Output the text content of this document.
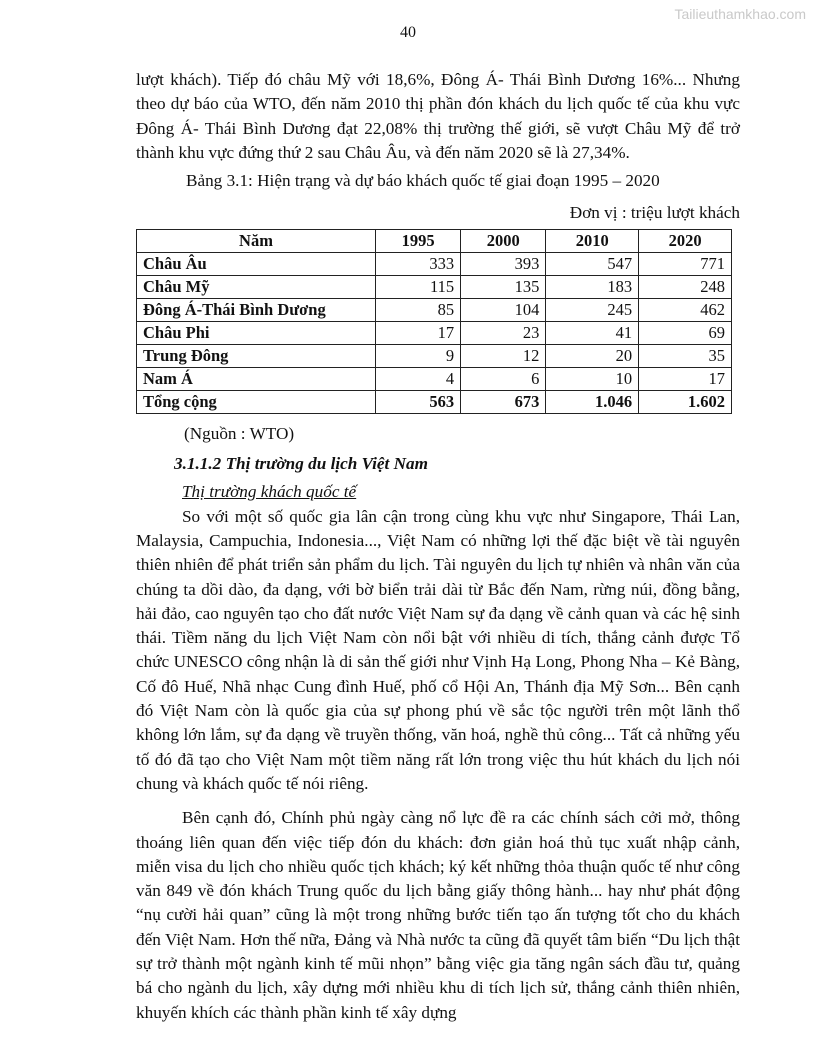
Tailieuthamkhao.com
40

lượt khách). Tiếp đó châu Mỹ với 18,6%, Đông Á- Thái Bình Dương 16%... Nhưng theo dự báo của WTO, đến năm 2010 thị phần đón khách du lịch quốc tế của khu vực Đông Á- Thái Bình Dương đạt 22,08% thị trường thế giới, sẽ vượt Châu Mỹ để trở thành khu vực đứng thứ 2 sau Châu Âu, và đến năm 2020 sẽ là 27,34%.

Bảng 3.1: Hiện trạng và dự báo khách quốc tế giai đoạn 1995 – 2020

Đơn vị : triệu lượt khách

Năm	1995	2000	2010	2020
Châu Âu	333	393	547	771
Châu Mỹ	115	135	183	248
Đông Á-Thái Bình Dương	85	104	245	462
Châu Phi	17	23	41	69
Trung Đông	9	12	20	35
Nam Á	4	6	10	17
Tổng cộng	563	673	1.046	1.602

(Nguồn : WTO)

3.1.1.2 Thị trường du lịch Việt Nam

Thị trường khách quốc tế

So với một số quốc gia lân cận trong cùng khu vực như Singapore, Thái Lan, Malaysia, Campuchia, Indonesia..., Việt Nam có những lợi thế đặc biệt về tài nguyên thiên nhiên để phát triển sản phẩm du lịch. Tài nguyên du lịch tự nhiên và nhân văn của chúng ta dồi dào, đa dạng, với bờ biển trải dài từ Bắc đến Nam, rừng núi, đồng bằng, hải đảo, cao nguyên tạo cho đất nước Việt Nam sự đa dạng về cảnh quan và các hệ sinh thái. Tiềm năng du lịch Việt Nam còn nổi bật với nhiều di tích, thắng cảnh được Tổ chức UNESCO công nhận là di sản thế giới như Vịnh Hạ Long, Phong Nha – Kẻ Bàng, Cố đô Huế, Nhã nhạc Cung đình Huế, phố cổ Hội An, Thánh địa Mỹ Sơn... Bên cạnh đó Việt Nam còn là quốc gia của sự phong phú về sắc tộc người trên một lãnh thổ không lớn lắm, sự đa dạng về truyền thống, văn hoá, nghề thủ công... Tất cả những yếu tố đó đã tạo cho Việt Nam một tiềm năng rất lớn trong việc thu hút khách du lịch nói chung và khách quốc tế nói riêng.

Bên cạnh đó, Chính phủ ngày càng nổ lực đề ra các chính sách cởi mở, thông thoáng liên quan đến việc tiếp đón du khách: đơn giản hoá thủ tục xuất nhập cảnh, miễn visa du lịch cho nhiều quốc tịch khách; ký kết những thỏa thuận quốc tế như công văn 849 về đón khách Trung quốc du lịch bằng giấy thông hành... hay như phát động “nụ cười hải quan” cũng là một trong những bước tiến tạo ấn tượng tốt cho du khách đến Việt Nam. Hơn thế nữa, Đảng và Nhà nước ta cũng đã quyết tâm biến “Du lịch thật sự trở thành một ngành kinh tế mũi nhọn” bằng việc gia tăng ngân sách đầu tư, quảng bá cho ngành du lịch, xây dựng mới nhiều khu di tích lịch sử, thắng cảnh thiên nhiên, khuyến khích các thành phần kinh tế xây dựng
